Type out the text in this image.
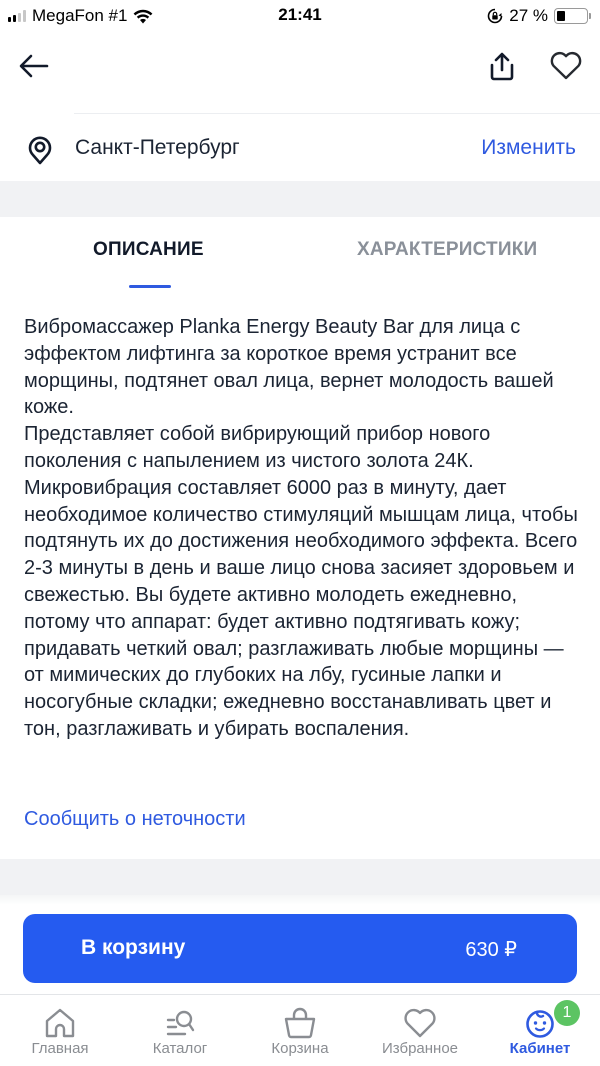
MegaFon #1	21:41	27 %
Санкт-Петербург	Изменить
ОПИСАНИЕ	ХАРАКТЕРИСТИКИ

Вибромассажер Planka Energy Beauty Bar для лица с эффектом лифтинга за короткое время устранит все морщины, подтянет овал лица, вернет молодость вашей коже.

Представляет собой вибрирующий прибор нового поколения с напылением из чистого золота 24К. Микровибрация составляет 6000 раз в минуту, дает необходимое количество стимуляций мышцам лица, чтобы подтянуть их до достижения необходимого эффекта. Всего 2-3 минуты в день и ваше лицо снова засияет здоровьем и свежестью. Вы будете активно молодеть ежедневно, потому что аппарат: будет активно подтягивать кожу; придавать четкий овал; разглаживать любые морщины — от мимических до глубоких на лбу, гусиные лапки и носогубные складки; ежедневно восстанавливать цвет и тон, разглаживать и убирать воспаления.

Сообщить о неточности
В корзину	630 ₽
Главная	Каталог	Корзина	Избранное
1
Кабинет
